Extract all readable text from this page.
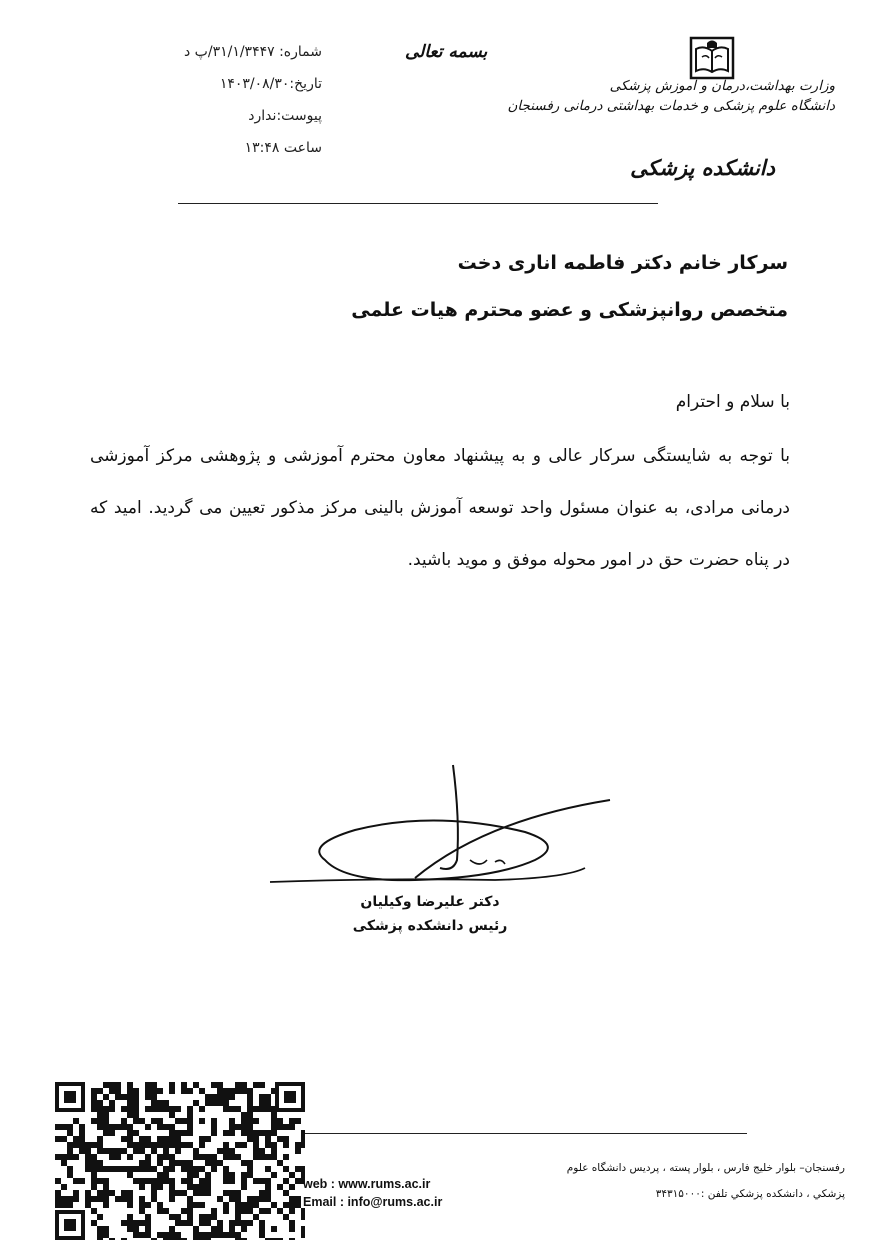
شماره: ۳۱/۱/۳۴۴۷/پ د
تاریخ:۱۴۰۳/۰۸/۳۰
پیوست:ندارد
ساعت ۱۳:۴۸
بسمه تعالی
وزارت بهداشت،درمان و آموزش پزشکی
دانشگاه علوم پزشکی و خدمات بهداشتی درمانی رفسنجان
دانشکده پزشکی
سرکار خانم دکتر فاطمه اناری دخت
متخصص روانپزشکی و عضو محترم هیات علمی
با سلام و احترام
با توجه به شایستگی سرکار عالی و به پیشنهاد معاون محترم آموزشی و پژوهشی مرکز آموزشی درمانی مرادی، به عنوان مسئول واحد توسعه آموزش بالینی مرکز مذکور تعیین می گردید. امید که در پناه حضرت حق در امور محوله موفق و موید باشید.
دکتر علیرضا وکیلیان
رئیس دانشکده پزشکی
web : www.rums.ac.ir
Email : info@rums.ac.ir
رفسنجان– بلوار خلیج فارس ، بلوار پسته ، پردیس دانشگاه علوم
پزشكي ، دانشكده پزشكي تلفن :۳۴۳۱۵۰۰۰
